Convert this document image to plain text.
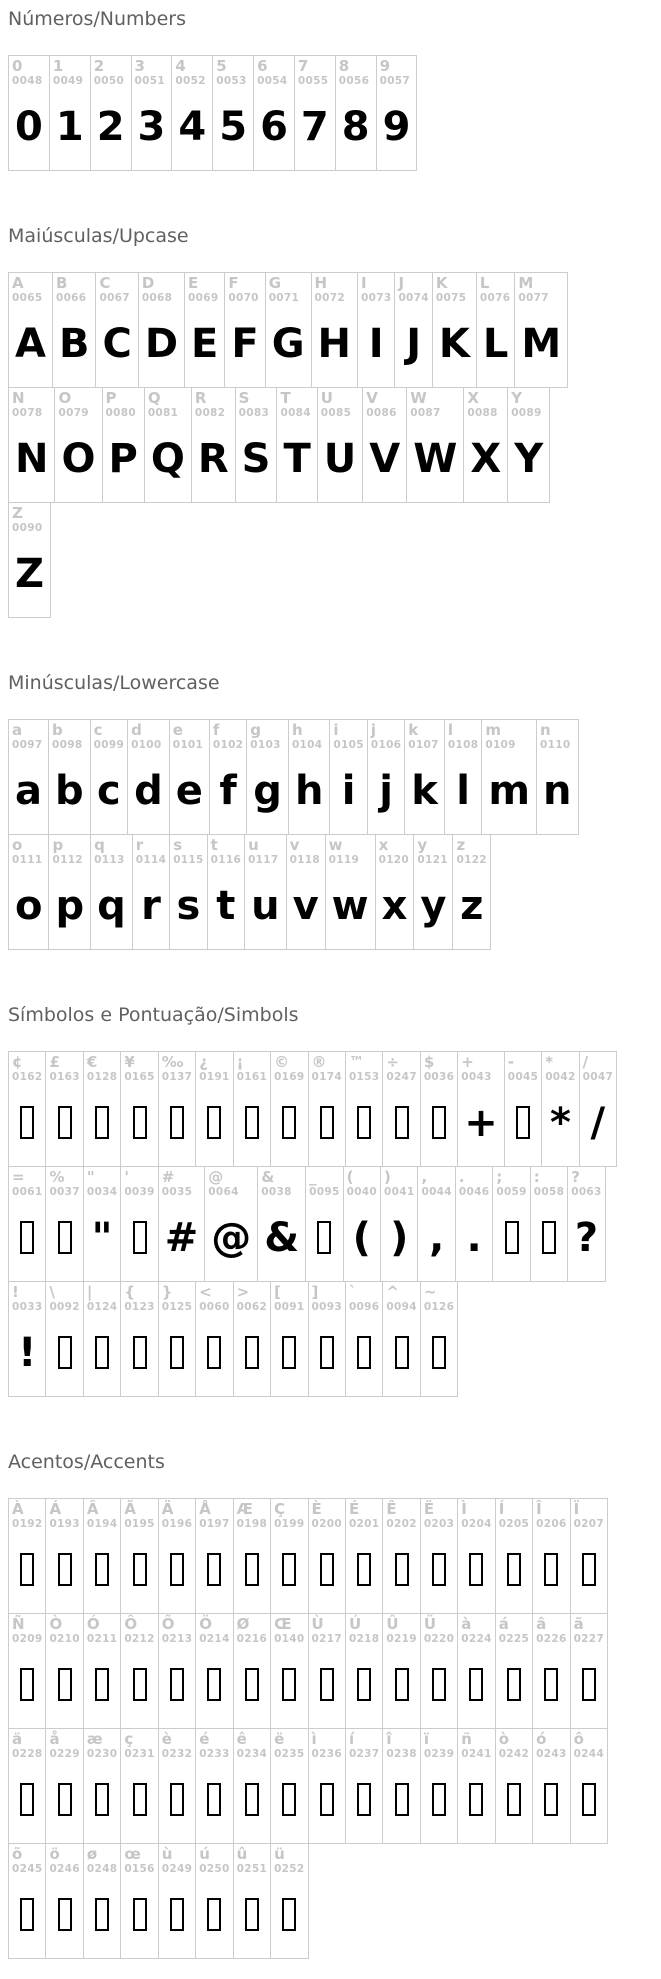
Números/Numbers
0
0048
0
1
0049
1
2
0050
2
3
0051
3
4
0052
4
5
0053
5
6
0054
6
7
0055
7
8
0056
8
9
0057
9
Maiúsculas/Upcase
A
0065
A
B
0066
B
C
0067
C
D
0068
D
E
0069
E
F
0070
F
G
0071
G
H
0072
H
I
0073
I
J
0074
J
K
0075
K
L
0076
L
M
0077
M
N
0078
N
O
0079
O
P
0080
P
Q
0081
Q
R
0082
R
S
0083
S
T
0084
T
U
0085
U
V
0086
V
W
0087
W
X
0088
X
Y
0089
Y
Z
0090
Z
Minúsculas/Lowercase
a
0097
a
b
0098
b
c
0099
c
d
0100
d
e
0101
e
f
0102
f
g
0103
g
h
0104
h
i
0105
i
j
0106
j
k
0107
k
l
0108
l
m
0109
m
n
0110
n
o
0111
o
p
0112
p
q
0113
q
r
0114
r
s
0115
s
t
0116
t
u
0117
u
v
0118
v
w
0119
w
x
0120
x
y
0121
y
z
0122
z
Símbolos e Pontuação/Simbols
¢
0162
£
0163
€
0128
¥
0165
‰
0137
¿
0191
¡
0161
©
0169
®
0174
™
0153
÷
0247
$
0036
+
0043
+
-
0045
*
0042
*
/
0047
/
=
0061
%
0037
"
0034
"
'
0039
#
0035
#
@
0064
@
&
0038
&
_
0095
(
0040
(
)
0041
)
,
0044
,
.
0046
.
;
0059
:
0058
?
0063
?
!
0033
!
\
0092
|
0124
{
0123
}
0125
<
0060
>
0062
[
0091
]
0093
`
0096
^
0094
~
0126
Acentos/Accents
À
0192
Á
0193
Â
0194
Ã
0195
Ä
0196
Å
0197
Æ
0198
Ç
0199
È
0200
É
0201
Ê
0202
Ë
0203
Ì
0204
Í
0205
Î
0206
Ï
0207
Ñ
0209
Ò
0210
Ó
0211
Ô
0212
Õ
0213
Ö
0214
Ø
0216
Œ
0140
Ù
0217
Ú
0218
Û
0219
Ü
0220
à
0224
á
0225
â
0226
ã
0227
ä
0228
å
0229
æ
0230
ç
0231
è
0232
é
0233
ê
0234
ë
0235
ì
0236
í
0237
î
0238
ï
0239
ñ
0241
ò
0242
ó
0243
ô
0244
õ
0245
ö
0246
ø
0248
œ
0156
ù
0249
ú
0250
û
0251
ü
0252
